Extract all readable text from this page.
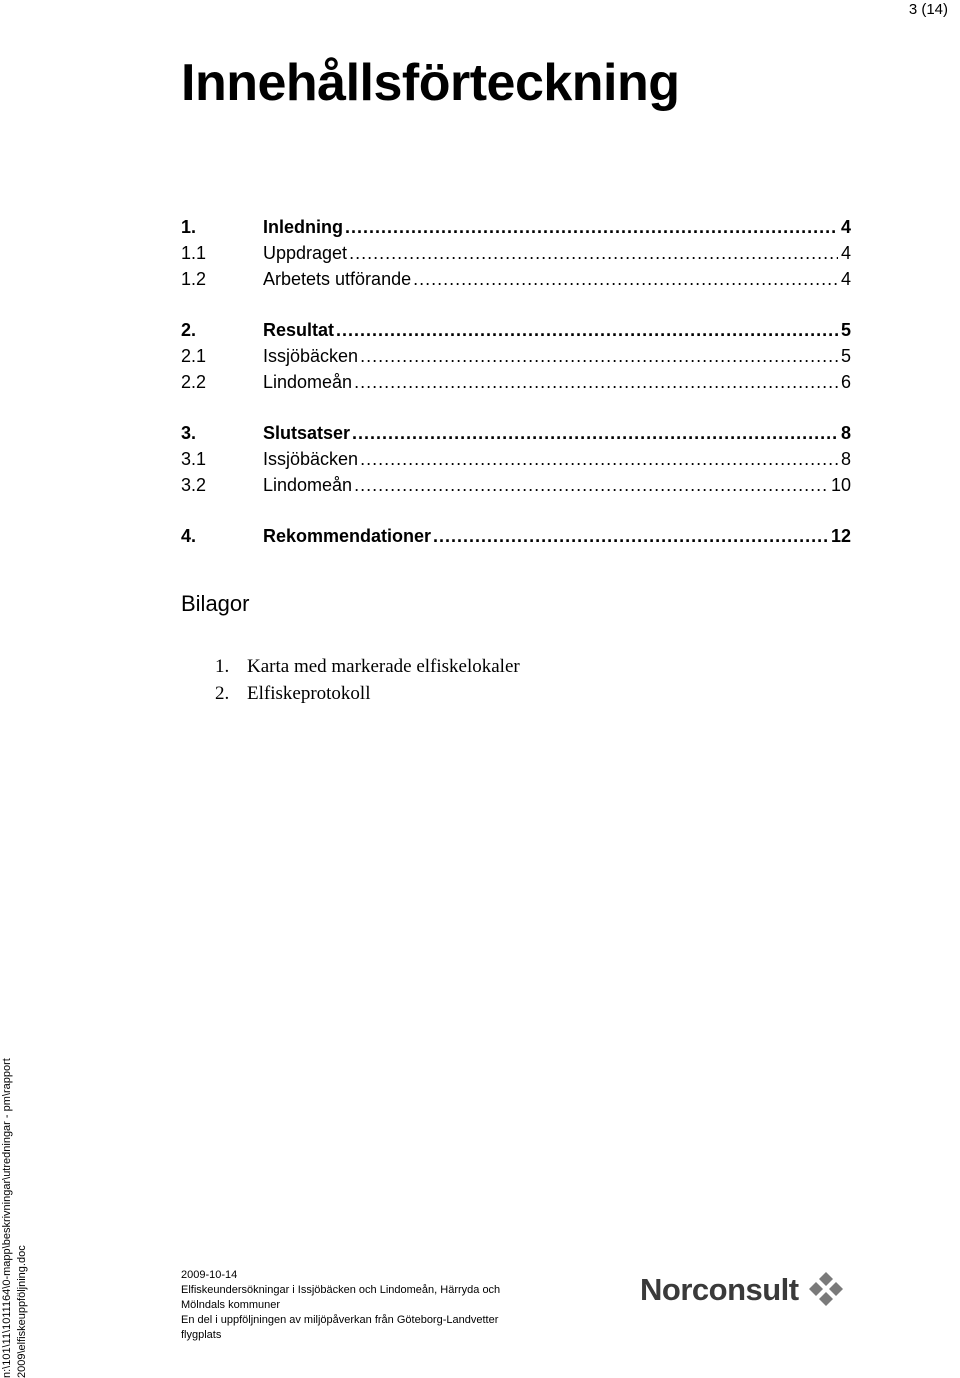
3 (14)
Innehållsförteckning
1.	Inledning .....	4
1.1	Uppdraget .....	4
1.2	Arbetets utförande .....	4
2.	Resultat .....	5
2.1	Issjöbäcken .....	5
2.2	Lindomeån .....	6
3.	Slutsatser .....	8
3.1	Issjöbäcken .....	8
3.2	Lindomeån .....	10
4.	Rekommendationer .....	12
Bilagor
1. Karta med markerade elfiskelokaler
2. Elfiskeprotokoll
n:\101\11\1011164\0-mapp\beskrivningar\utredningar - pm\rapport 2009\elfiskeuppföljning.doc	2009-10-14
Elfiskeundersökningar i Issjöbäcken och Lindomeån, Härryda och
Mölndals kommuner
En del i uppföljningen av miljöpåverkan från Göteborg-Landvetter
flygplats
Norconsult
